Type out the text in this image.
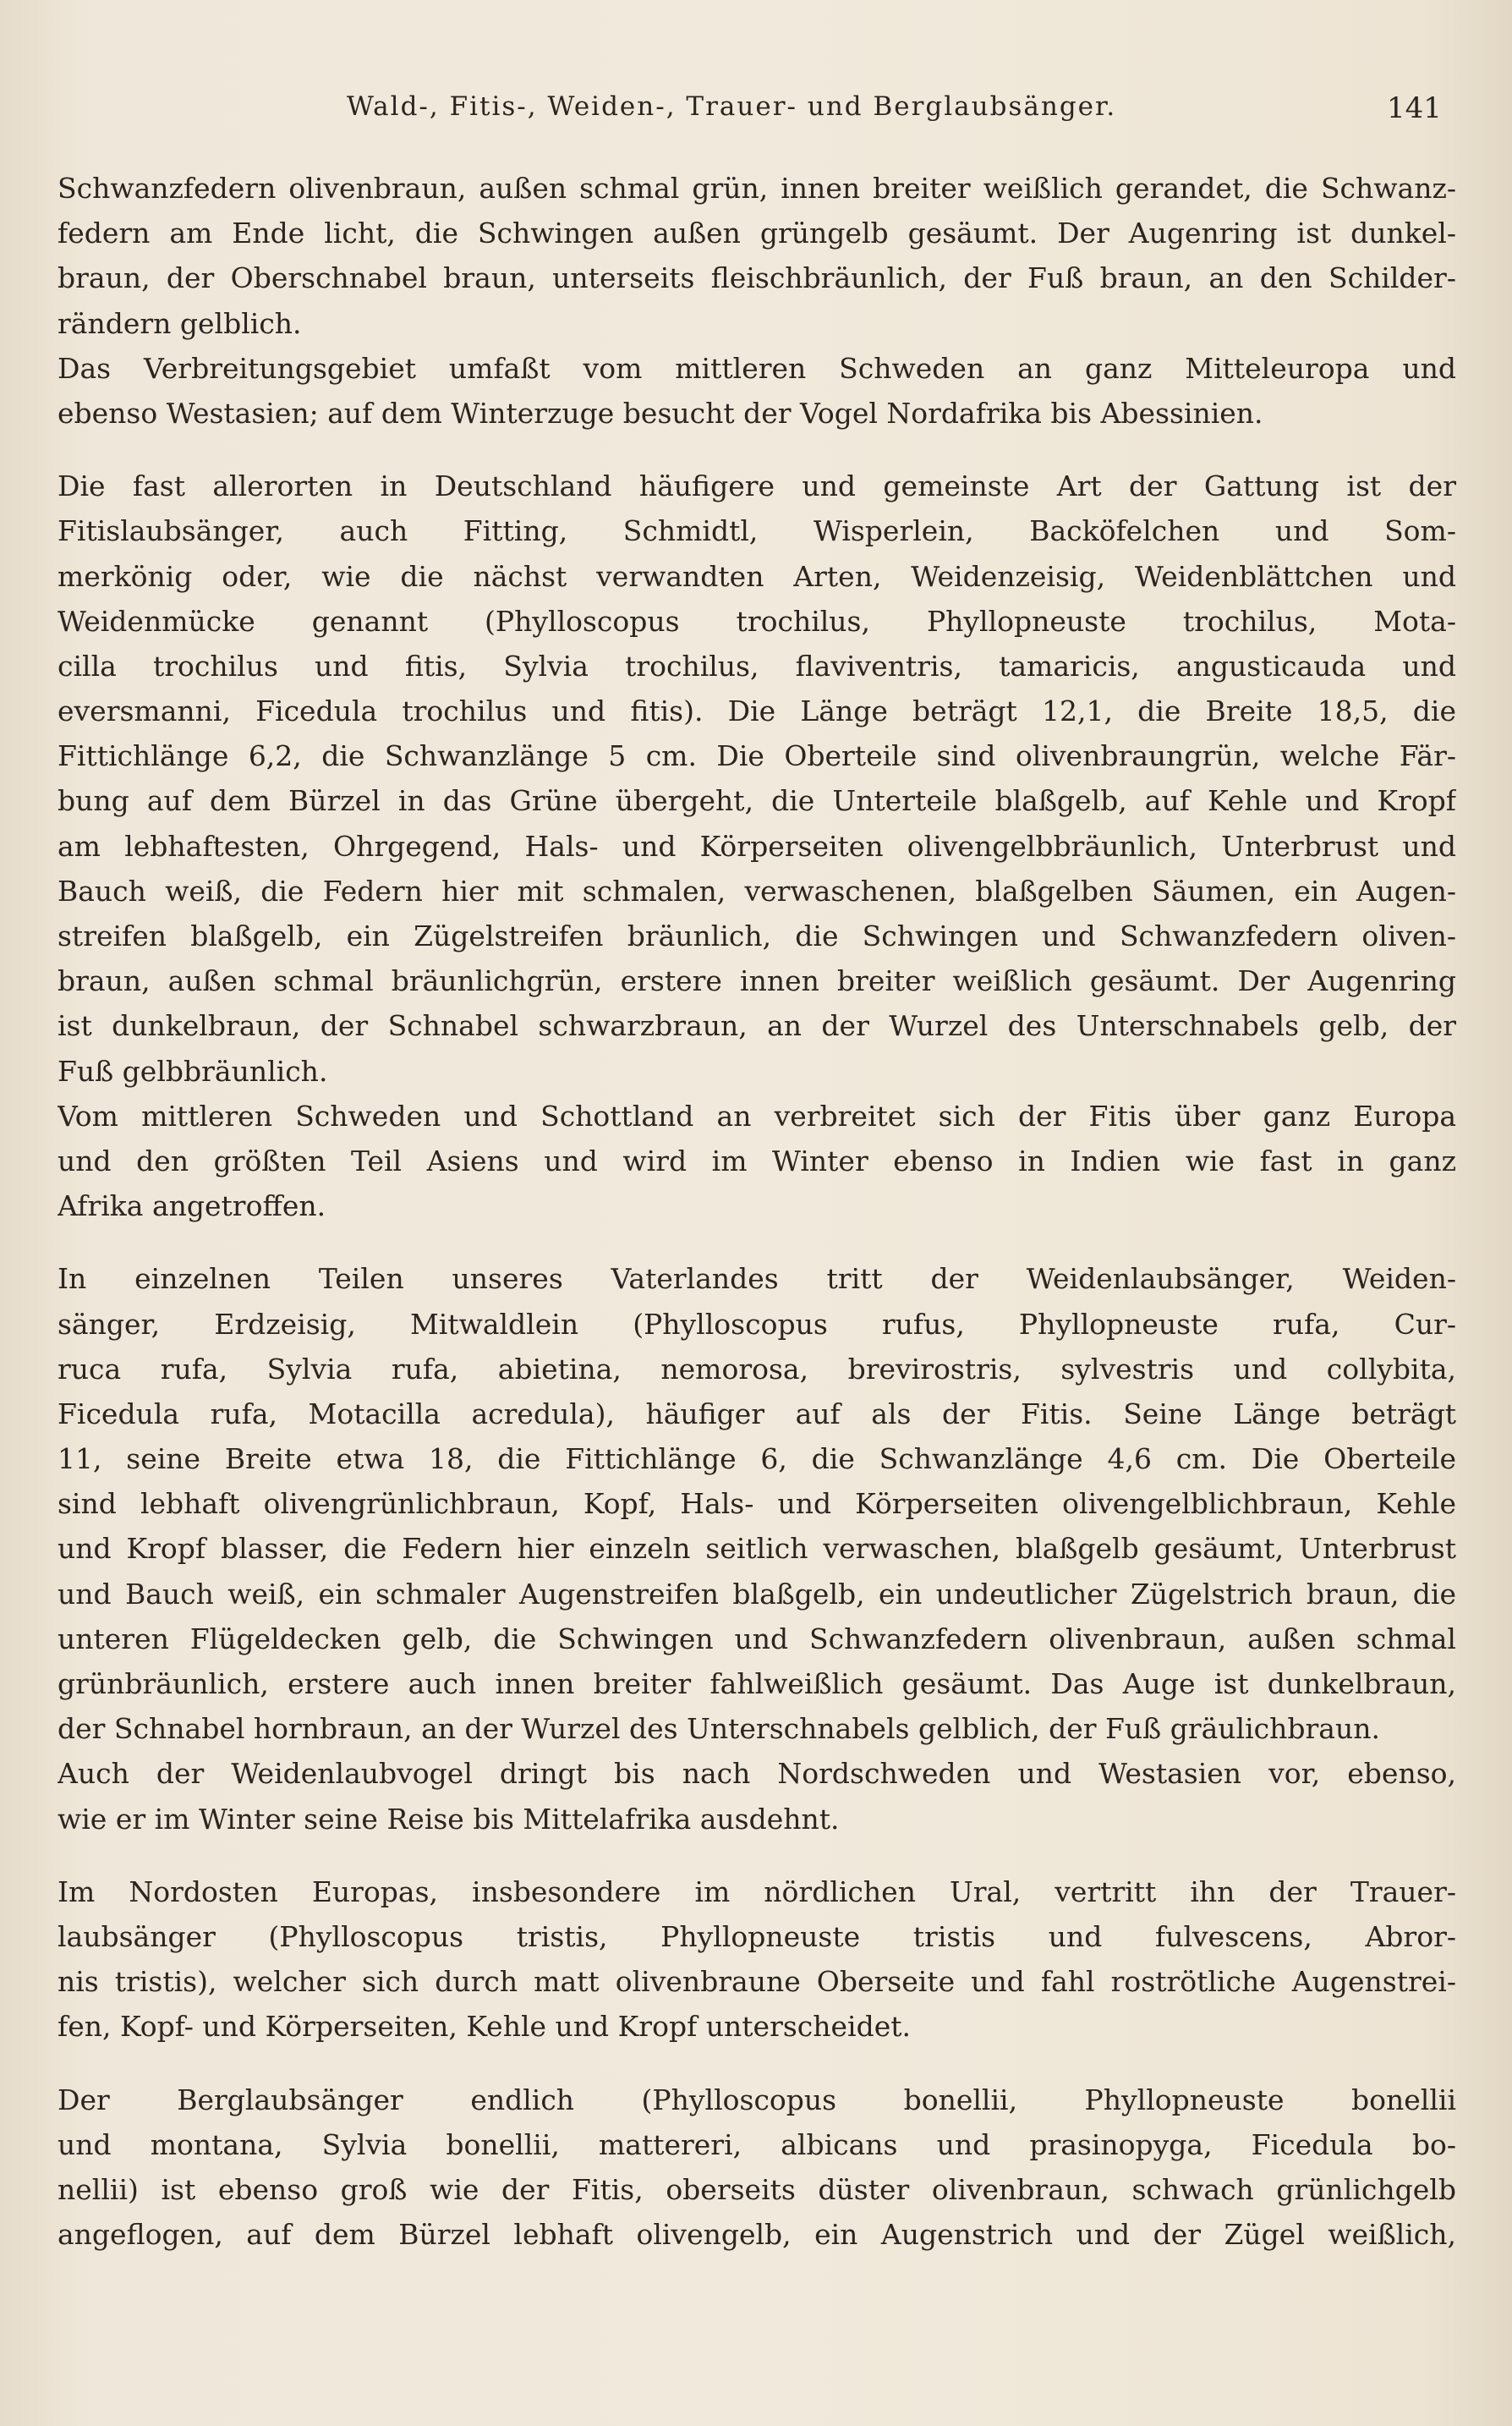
Wald-, Fitis-, Weiden-, Trauer- und Berglaubsänger.	141
Schwanzfedern olivenbraun, außen schmal grün, innen breiter weißlich gerandet, die Schwanz-
federn am Ende licht, die Schwingen außen grüngelb gesäumt. Der Augenring ist dunkel-
braun, der Oberschnabel braun, unterseits fleischbräunlich, der Fuß braun, an den Schilder-
rändern gelblich.
Das Verbreitungsgebiet umfaßt vom mittleren Schweden an ganz Mitteleuropa und
ebenso Westasien; auf dem Winterzuge besucht der Vogel Nordafrika bis Abessinien.
Die fast allerorten in Deutschland häufigere und gemeinste Art der Gattung ist der
Fitislaubsänger, auch Fitting, Schmidtl, Wisperlein, Backöfelchen und Som-
merkönig oder, wie die nächst verwandten Arten, Weidenzeisig, Weidenblättchen und
Weidenmücke genannt (Phylloscopus trochilus, Phyllopneuste trochilus, Mota-
cilla trochilus und fitis, Sylvia trochilus, flaviventris, tamaricis, angusticauda und
eversmanni, Ficedula trochilus und fitis). Die Länge beträgt 12,1, die Breite 18,5, die
Fittichlänge 6,2, die Schwanzlänge 5 cm. Die Oberteile sind olivenbraungrün, welche Fär-
bung auf dem Bürzel in das Grüne übergeht, die Unterteile blaßgelb, auf Kehle und Kropf
am lebhaftesten, Ohrgegend, Hals- und Körperseiten olivengelbbräunlich, Unterbrust und
Bauch weiß, die Federn hier mit schmalen, verwaschenen, blaßgelben Säumen, ein Augen-
streifen blaßgelb, ein Zügelstreifen bräunlich, die Schwingen und Schwanzfedern oliven-
braun, außen schmal bräunlichgrün, erstere innen breiter weißlich gesäumt. Der Augenring
ist dunkelbraun, der Schnabel schwarzbraun, an der Wurzel des Unterschnabels gelb, der
Fuß gelbbräunlich.
Vom mittleren Schweden und Schottland an verbreitet sich der Fitis über ganz Europa
und den größten Teil Asiens und wird im Winter ebenso in Indien wie fast in ganz
Afrika angetroffen.
In einzelnen Teilen unseres Vaterlandes tritt der Weidenlaubsänger, Weiden-
sänger, Erdzeisig, Mitwaldlein (Phylloscopus rufus, Phyllopneuste rufa, Cur-
ruca rufa, Sylvia rufa, abietina, nemorosa, brevirostris, sylvestris und collybita,
Ficedula rufa, Motacilla acredula), häufiger auf als der Fitis. Seine Länge beträgt
11, seine Breite etwa 18, die Fittichlänge 6, die Schwanzlänge 4,6 cm. Die Oberteile
sind lebhaft olivengrünlichbraun, Kopf, Hals- und Körperseiten olivengelblichbraun, Kehle
und Kropf blasser, die Federn hier einzeln seitlich verwaschen, blaßgelb gesäumt, Unterbrust
und Bauch weiß, ein schmaler Augenstreifen blaßgelb, ein undeutlicher Zügelstrich braun, die
unteren Flügeldecken gelb, die Schwingen und Schwanzfedern olivenbraun, außen schmal
grünbräunlich, erstere auch innen breiter fahlweißlich gesäumt. Das Auge ist dunkelbraun,
der Schnabel hornbraun, an der Wurzel des Unterschnabels gelblich, der Fuß gräulichbraun.
Auch der Weidenlaubvogel dringt bis nach Nordschweden und Westasien vor, ebenso,
wie er im Winter seine Reise bis Mittelafrika ausdehnt.
Im Nordosten Europas, insbesondere im nördlichen Ural, vertritt ihn der Trauer-
laubsänger (Phylloscopus tristis, Phyllopneuste tristis und fulvescens, Abror-
nis tristis), welcher sich durch matt olivenbraune Oberseite und fahl roströtliche Augenstrei-
fen, Kopf- und Körperseiten, Kehle und Kropf unterscheidet.
Der Berglaubsänger endlich (Phylloscopus bonellii, Phyllopneuste bonellii
und montana, Sylvia bonellii, mattereri, albicans und prasinopyga, Ficedula bo-
nellii) ist ebenso groß wie der Fitis, oberseits düster olivenbraun, schwach grünlichgelb
angeflogen, auf dem Bürzel lebhaft olivengelb, ein Augenstrich und der Zügel weißlich,
